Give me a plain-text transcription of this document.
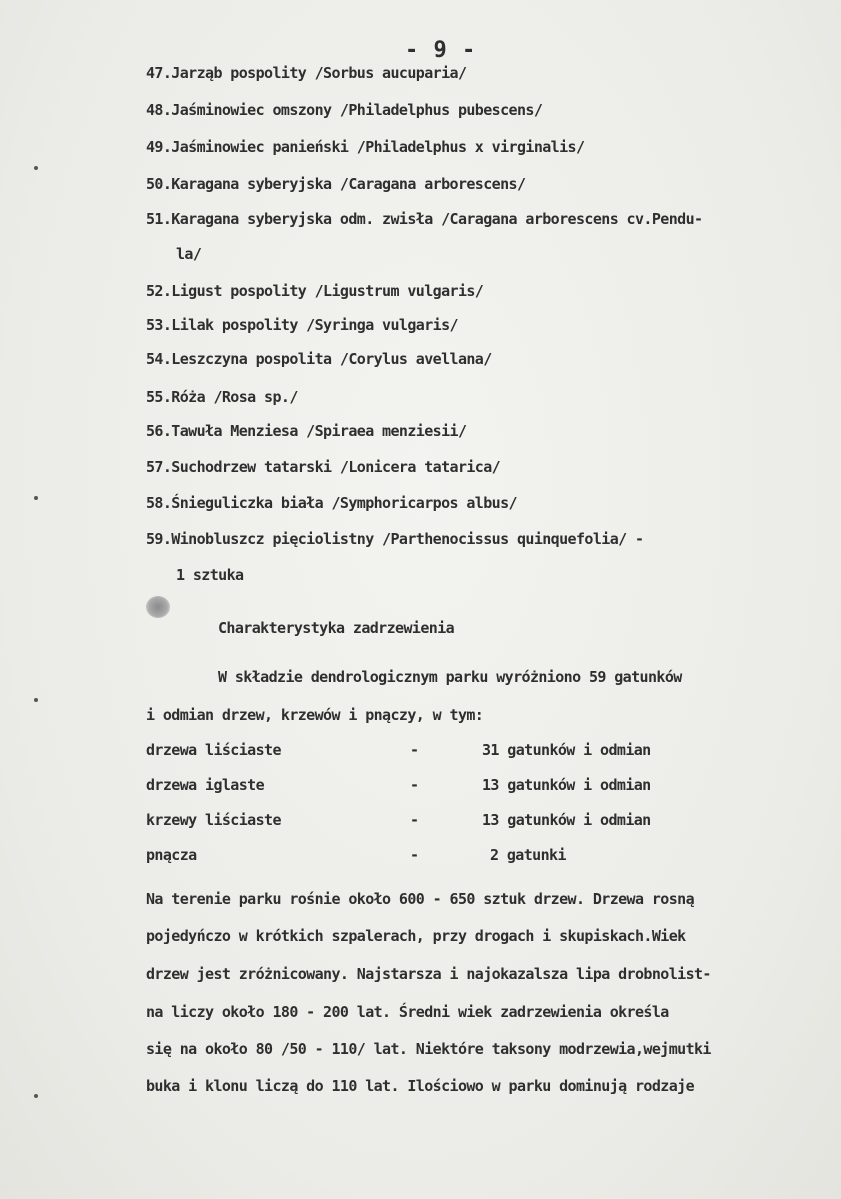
- 9 -
47.Jarząb pospolity /Sorbus aucuparia/
48.Jaśminowiec omszony /Philadelphus pubescens/
49.Jaśminowiec panieński /Philadelphus x virginalis/
50.Karagana syberyjska /Caragana arborescens/
51.Karagana syberyjska odm. zwisła /Caragana arborescens cv.Pendu-
la/
52.Ligust pospolity /Ligustrum vulgaris/
53.Lilak pospolity /Syringa vulgaris/
54.Leszczyna pospolita /Corylus avellana/
55.Róża /Rosa sp./
56.Tawuła Menziesa /Spiraea menziesii/
57.Suchodrzew tatarski /Lonicera tatarica/
58.Śnieguliczka biała /Symphoricarpos albus/
59.Winobluszcz pięciolistny /Parthenocissus quinquefolia/ -
1 sztuka
Charakterystyka zadrzewienia
W składzie dendrologicznym parku wyróżniono 59 gatunków
i odmian drzew, krzewów i pnączy, w tym:
drzewa liściaste	-	31 gatunków i odmian
drzewa iglaste	-	13 gatunków i odmian
krzewy liściaste	-	13 gatunków i odmian
pnącza	-	2 gatunki
Na terenie parku rośnie około 600 - 650 sztuk drzew. Drzewa rosną
pojedyńczo w krótkich szpalerach, przy drogach i skupiskach.Wiek
drzew jest zróżnicowany. Najstarsza i najokazalsza lipa drobnolist-
na liczy około 180 - 200 lat. Średni wiek zadrzewienia określa
się na około 80 /50 - 110/ lat. Niektóre taksony modrzewia,wejmutki
buka i klonu liczą do 110 lat. Ilościowo w parku dominują rodzaje
